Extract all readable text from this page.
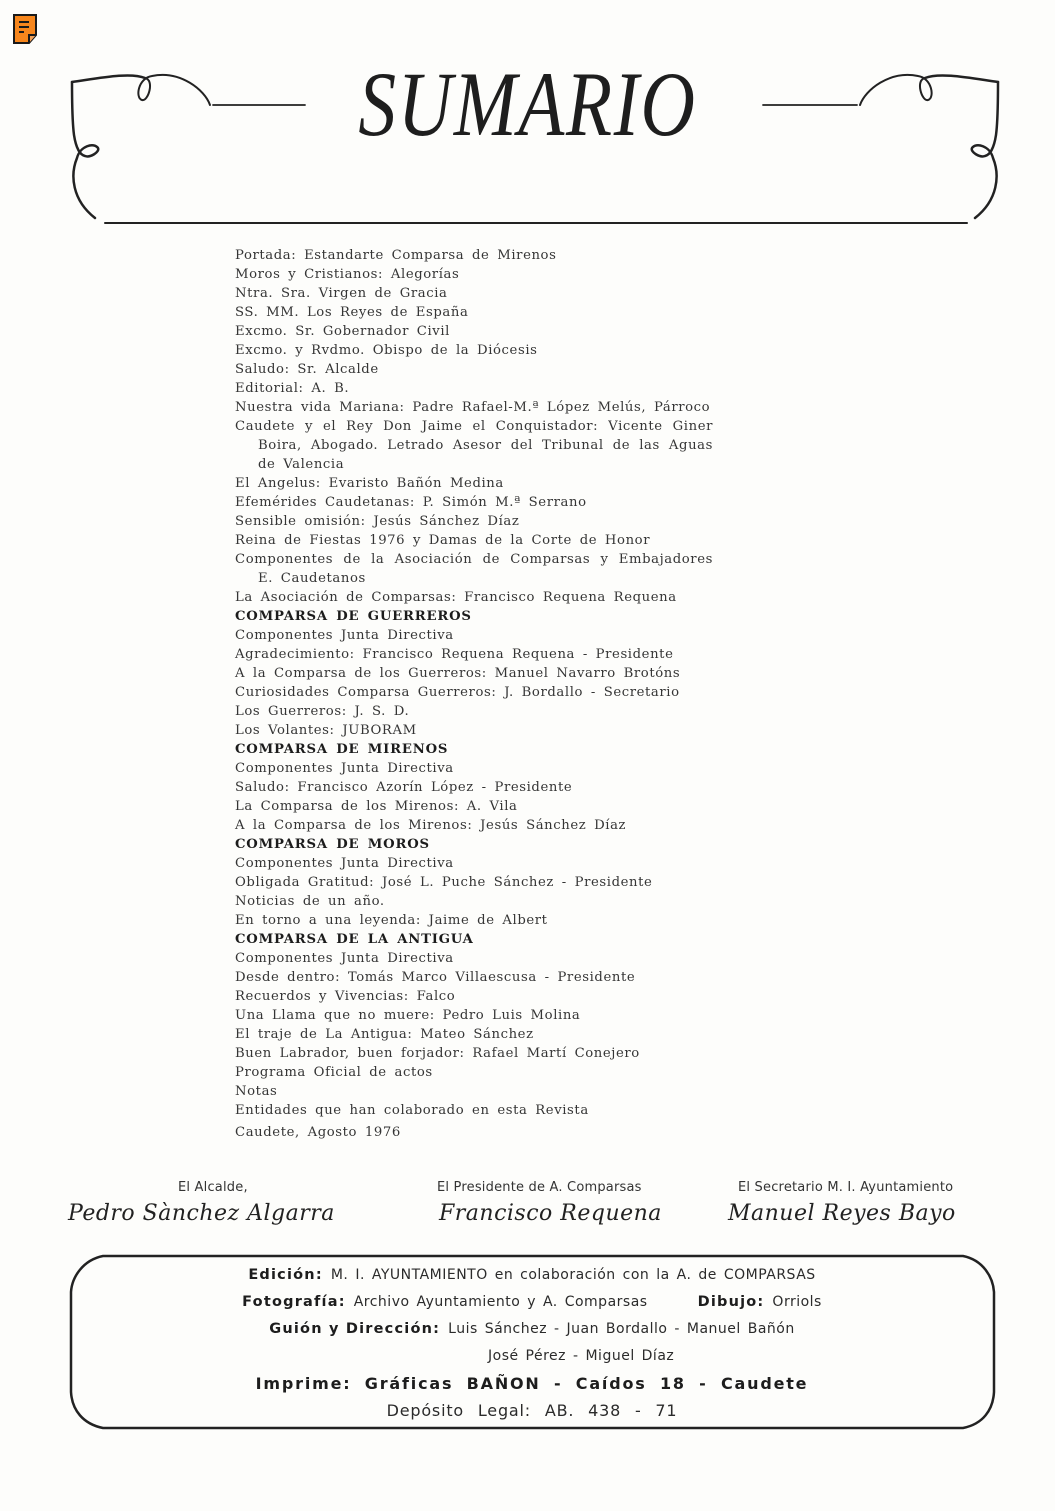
SUMARIO
Portada: Estandarte Comparsa de Mirenos
Moros y Cristianos: Alegorías
Ntra. Sra. Virgen de Gracia
SS. MM. Los Reyes de España
Excmo. Sr. Gobernador Civil
Excmo. y Rvdmo. Obispo de la Diócesis
Saludo: Sr. Alcalde
Editorial: A. B.
Nuestra vida Mariana: Padre Rafael-M.ª López Melús, Párroco
Caudete y el Rey Don Jaime el Conquistador: Vicente Giner Boira, Abogado. Letrado Asesor del Tribunal de las Aguas de Valencia
El Angelus: Evaristo Bañón Medina
Efemérides Caudetanas: P. Simón M.ª Serrano
Sensible omisión: Jesús Sánchez Díaz
Reina de Fiestas 1976 y Damas de la Corte de Honor
Componentes de la Asociación de Comparsas y Embajadores E. Caudetanos
La Asociación de Comparsas: Francisco Requena Requena
COMPARSA DE GUERREROS
Componentes Junta Directiva
Agradecimiento: Francisco Requena Requena - Presidente
A la Comparsa de los Guerreros: Manuel Navarro Brotóns
Curiosidades Comparsa Guerreros: J. Bordallo - Secretario
Los Guerreros: J. S. D.
Los Volantes: JUBORAM
COMPARSA DE MIRENOS
Componentes Junta Directiva
Saludo: Francisco Azorín López - Presidente
La Comparsa de los Mirenos: A. Vila
A la Comparsa de los Mirenos: Jesús Sánchez Díaz
COMPARSA DE MOROS
Componentes Junta Directiva
Obligada Gratitud: José L. Puche Sánchez - Presidente
Noticias de un año.
En torno a una leyenda: Jaime de Albert
COMPARSA DE LA ANTIGUA
Componentes Junta Directiva
Desde dentro: Tomás Marco Villaescusa - Presidente
Recuerdos y Vivencias: Falco
Una Llama que no muere: Pedro Luis Molina
El traje de La Antigua: Mateo Sánchez
Buen Labrador, buen forjador: Rafael Martí Conejero
Programa Oficial de actos
Notas
Entidades que han colaborado en esta Revista
Caudete, Agosto 1976
El Alcalde,
Pedro Sànchez Algarra
El Presidente de A. Comparsas
Francisco Requena
El Secretario M. I. Ayuntamiento
Manuel Reyes Bayo
Edición: M. I. AYUNTAMIENTO en colaboración con la A. de COMPARSAS
Fotografía: Archivo Ayuntamiento y A. Comparsas	Dibujo: Orriols
Guión y Dirección: Luis Sánchez - Juan Bordallo - Manuel Bañón
José Pérez - Miguel Díaz
Imprime: Gráficas BAÑON - Caídos 18 - Caudete
Depósito Legal: AB. 438 - 71
